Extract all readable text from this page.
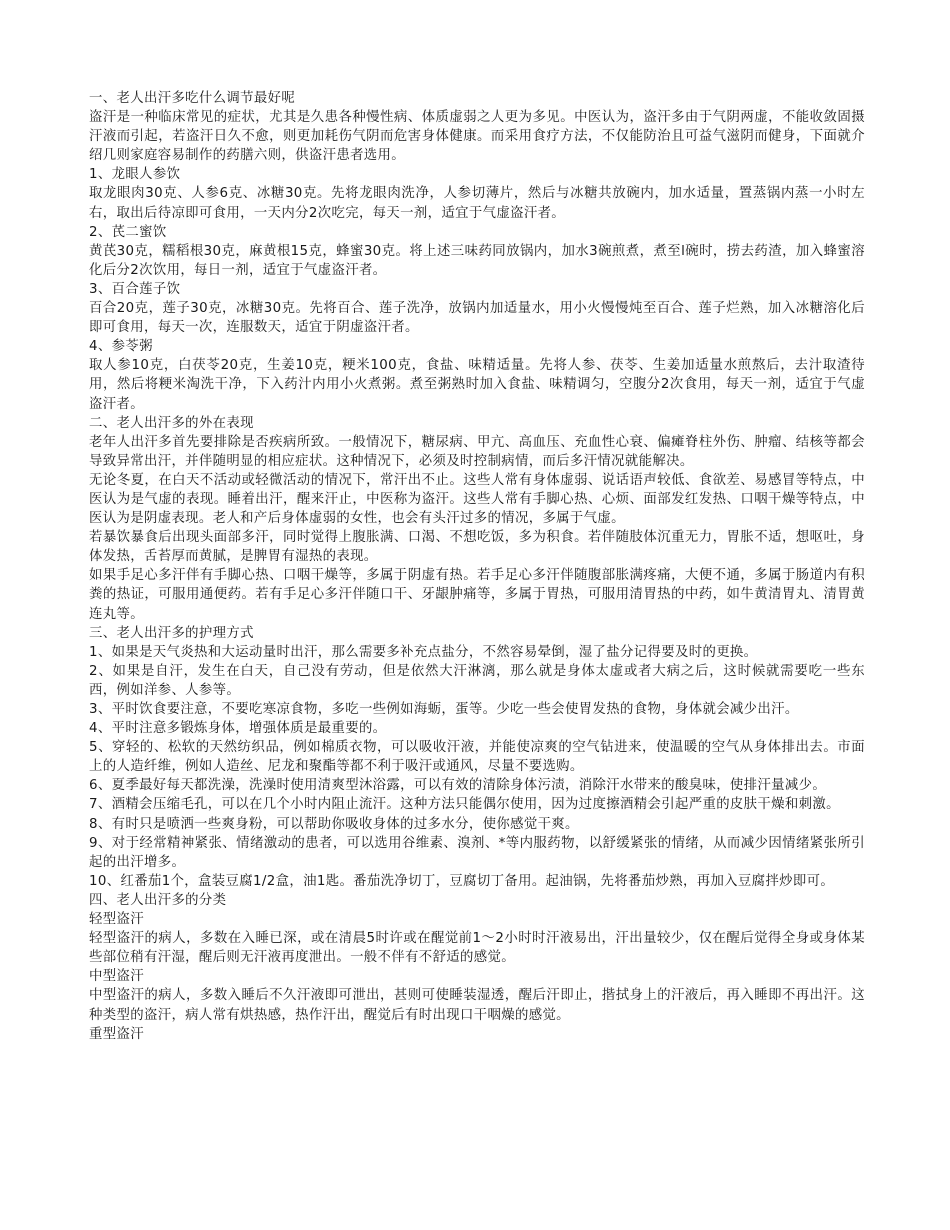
一、老人出汗多吃什么调节最好呢

盗汗是一种临床常见的症状，尤其是久患各种慢性病、体质虚弱之人更为多见。中医认为，盗汗多由于气阴两虚，不能收敛固摄汗液而引起，若盗汗日久不愈，则更加耗伤气阴而危害身体健康。而采用食疗方法，不仅能防治且可益气滋阴而健身，下面就介绍几则家庭容易制作的药膳六则，供盗汗患者选用。

1、龙眼人参饮

取龙眼肉30克、人参6克、冰糖30克。先将龙眼肉洗净，人参切薄片，然后与冰糖共放碗内，加水适量，置蒸锅内蒸一小时左右，取出后待凉即可食用，一天内分2次吃完，每天一剂，适宜于气虚盗汗者。

2、芪二蜜饮

黄芪30克，糯稻根30克，麻黄根15克，蜂蜜30克。将上述三味药同放锅内，加水3碗煎煮，煮至l碗时，捞去药渣，加入蜂蜜溶化后分2次饮用，每日一剂，适宜于气虚盗汗者。

3、百合莲子饮

百合20克，莲子30克，冰糖30克。先将百合、莲子洗净，放锅内加适量水，用小火慢慢炖至百合、莲子烂熟，加入冰糖溶化后即可食用，每天一次，连服数天，适宜于阴虚盗汗者。

4、参苓粥

取人参10克，白茯苓20克，生姜10克，粳米100克，食盐、味精适量。先将人参、茯苓、生姜加适量水煎熬后，去汁取渣待用，然后将粳米淘洗干净，下入药汁内用小火煮粥。煮至粥熟时加入食盐、味精调匀，空腹分2次食用，每天一剂，适宜于气虚盗汗者。

二、老人出汗多的外在表现

老年人出汗多首先要排除是否疾病所致。一般情况下，糖尿病、甲亢、高血压、充血性心衰、偏瘫脊柱外伤、肿瘤、结核等都会导致异常出汗，并伴随明显的相应症状。这种情况下，必须及时控制病情，而后多汗情况就能解决。

无论冬夏，在白天不活动或轻微活动的情况下，常汗出不止。这些人常有身体虚弱、说话语声较低、食欲差、易感冒等特点，中医认为是气虚的表现。睡着出汗，醒来汗止，中医称为盗汗。这些人常有手脚心热、心烦、面部发红发热、口咽干燥等特点，中医认为是阴虚表现。老人和产后身体虚弱的女性，也会有头汗过多的情况，多属于气虚。

若暴饮暴食后出现头面部多汗，同时觉得上腹胀满、口渴、不想吃饭，多为积食。若伴随肢体沉重无力，胃胀不适，想呕吐，身体发热，舌苔厚而黄腻，是脾胃有湿热的表现。

如果手足心多汗伴有手脚心热、口咽干燥等，多属于阴虚有热。若手足心多汗伴随腹部胀满疼痛，大便不通，多属于肠道内有积粪的热证，可服用通便药。若有手足心多汗伴随口干、牙龈肿痛等，多属于胃热，可服用清胃热的中药，如牛黄清胃丸、清胃黄连丸等。

三、老人出汗多的护理方式

1、如果是天气炎热和大运动量时出汗，那么需要多补充点盐分，不然容易晕倒，湿了盐分记得要及时的更换。

2、如果是自汗，发生在白天，自己没有劳动，但是依然大汗淋漓，那么就是身体太虚或者大病之后，这时候就需要吃一些东西，例如洋参、人参等。

3、平时饮食要注意，不要吃寒凉食物，多吃一些例如海蛎，蛋等。少吃一些会使胃发热的食物，身体就会减少出汗。

4、平时注意多锻炼身体，增强体质是最重要的。

5、穿轻的、松软的天然纺织品，例如棉质衣物，可以吸收汗液，并能使凉爽的空气钻进来，使温暖的空气从身体排出去。市面上的人造纤维，例如人造丝、尼龙和聚酯等都不利于吸汗或通风，尽量不要选购。

6、夏季最好每天都洗澡，洗澡时使用清爽型沐浴露，可以有效的清除身体污渍，消除汗水带来的酸臭味，使排汗量减少。

7、酒精会压缩毛孔，可以在几个小时内阻止流汗。这种方法只能偶尔使用，因为过度擦酒精会引起严重的皮肤干燥和刺激。

8、有时只是喷洒一些爽身粉，可以帮助你吸收身体的过多水分，使你感觉干爽。

9、对于经常精神紧张、情绪激动的患者，可以选用谷维素、溴剂、*等内服药物，以舒缓紧张的情绪，从而减少因情绪紧张所引起的出汗增多。

10、红番茄1个，盒装豆腐1/2盒，油1匙。番茄洗净切丁，豆腐切丁备用。起油锅，先将番茄炒熟，再加入豆腐拌炒即可。

四、老人出汗多的分类

轻型盗汗

轻型盗汗的病人，多数在入睡已深，或在清晨5时许或在醒觉前1～2小时时汗液易出，汗出量较少，仅在醒后觉得全身或身体某些部位稍有汗湿，醒后则无汗液再度泄出。一般不伴有不舒适的感觉。

中型盗汗

中型盗汗的病人，多数入睡后不久汗液即可泄出，甚则可使睡装湿透，醒后汗即止，揩拭身上的汗液后，再入睡即不再出汗。这种类型的盗汗，病人常有烘热感，热作汗出，醒觉后有时出现口干咽燥的感觉。

重型盗汗
